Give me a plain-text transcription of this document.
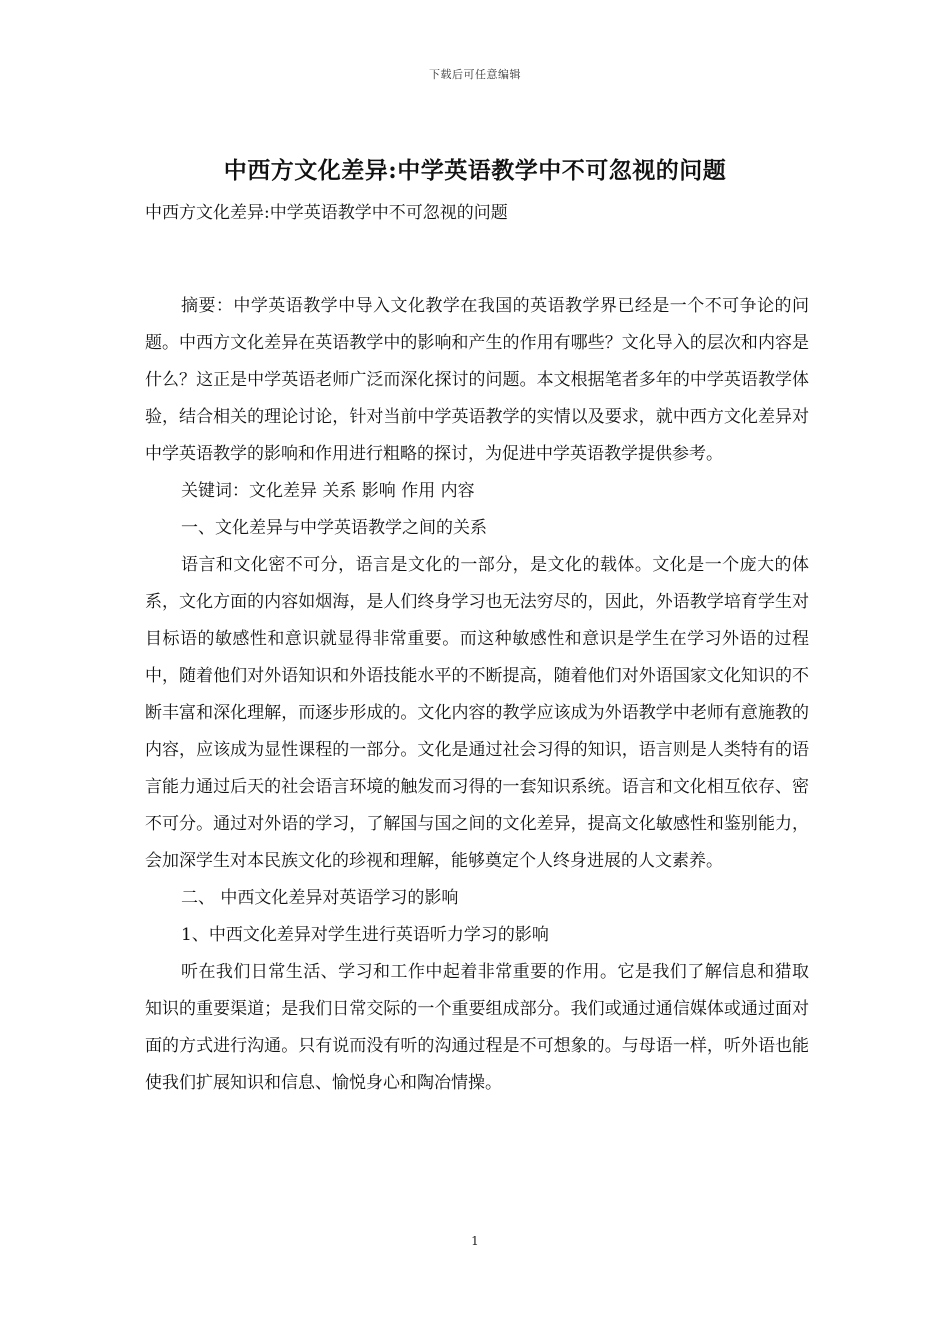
下载后可任意编辑
中西方文化差异:中学英语教学中不可忽视的问题

中西方文化差异:中学英语教学中不可忽视的问题

摘要：中学英语教学中导入文化教学在我国的英语教学界已经是一个不可争论的问题。中西方文化差异在英语教学中的影响和产生的作用有哪些？文化导入的层次和内容是什么？这正是中学英语老师广泛而深化探讨的问题。本文根据笔者多年的中学英语教学体验，结合相关的理论讨论，针对当前中学英语教学的实情以及要求，就中西方文化差异对中学英语教学的影响和作用进行粗略的探讨，为促进中学英语教学提供参考。

关键词：文化差异 关系 影响 作用 内容

一、文化差异与中学英语教学之间的关系

语言和文化密不可分，语言是文化的一部分，是文化的载体。文化是一个庞大的体系，文化方面的内容如烟海，是人们终身学习也无法穷尽的，因此，外语教学培育学生对目标语的敏感性和意识就显得非常重要。而这种敏感性和意识是学生在学习外语的过程中，随着他们对外语知识和外语技能水平的不断提高，随着他们对外语国家文化知识的不断丰富和深化理解，而逐步形成的。文化内容的教学应该成为外语教学中老师有意施教的内容，应该成为显性课程的一部分。文化是通过社会习得的知识，语言则是人类特有的语言能力通过后天的社会语言环境的触发而习得的一套知识系统。语言和文化相互依存、密不可分。通过对外语的学习，了解国与国之间的文化差异，提高文化敏感性和鉴别能力，会加深学生对本民族文化的珍视和理解，能够奠定个人终身进展的人文素养。

二、 中西文化差异对英语学习的影响

1、中西文化差异对学生进行英语听力学习的影响

听在我们日常生活、学习和工作中起着非常重要的作用。它是我们了解信息和猎取知识的重要渠道；是我们日常交际的一个重要组成部分。我们或通过通信媒体或通过面对面的方式进行沟通。只有说而没有听的沟通过程是不可想象的。与母语一样，听外语也能使我们扩展知识和信息、愉悦身心和陶冶情操。

1
